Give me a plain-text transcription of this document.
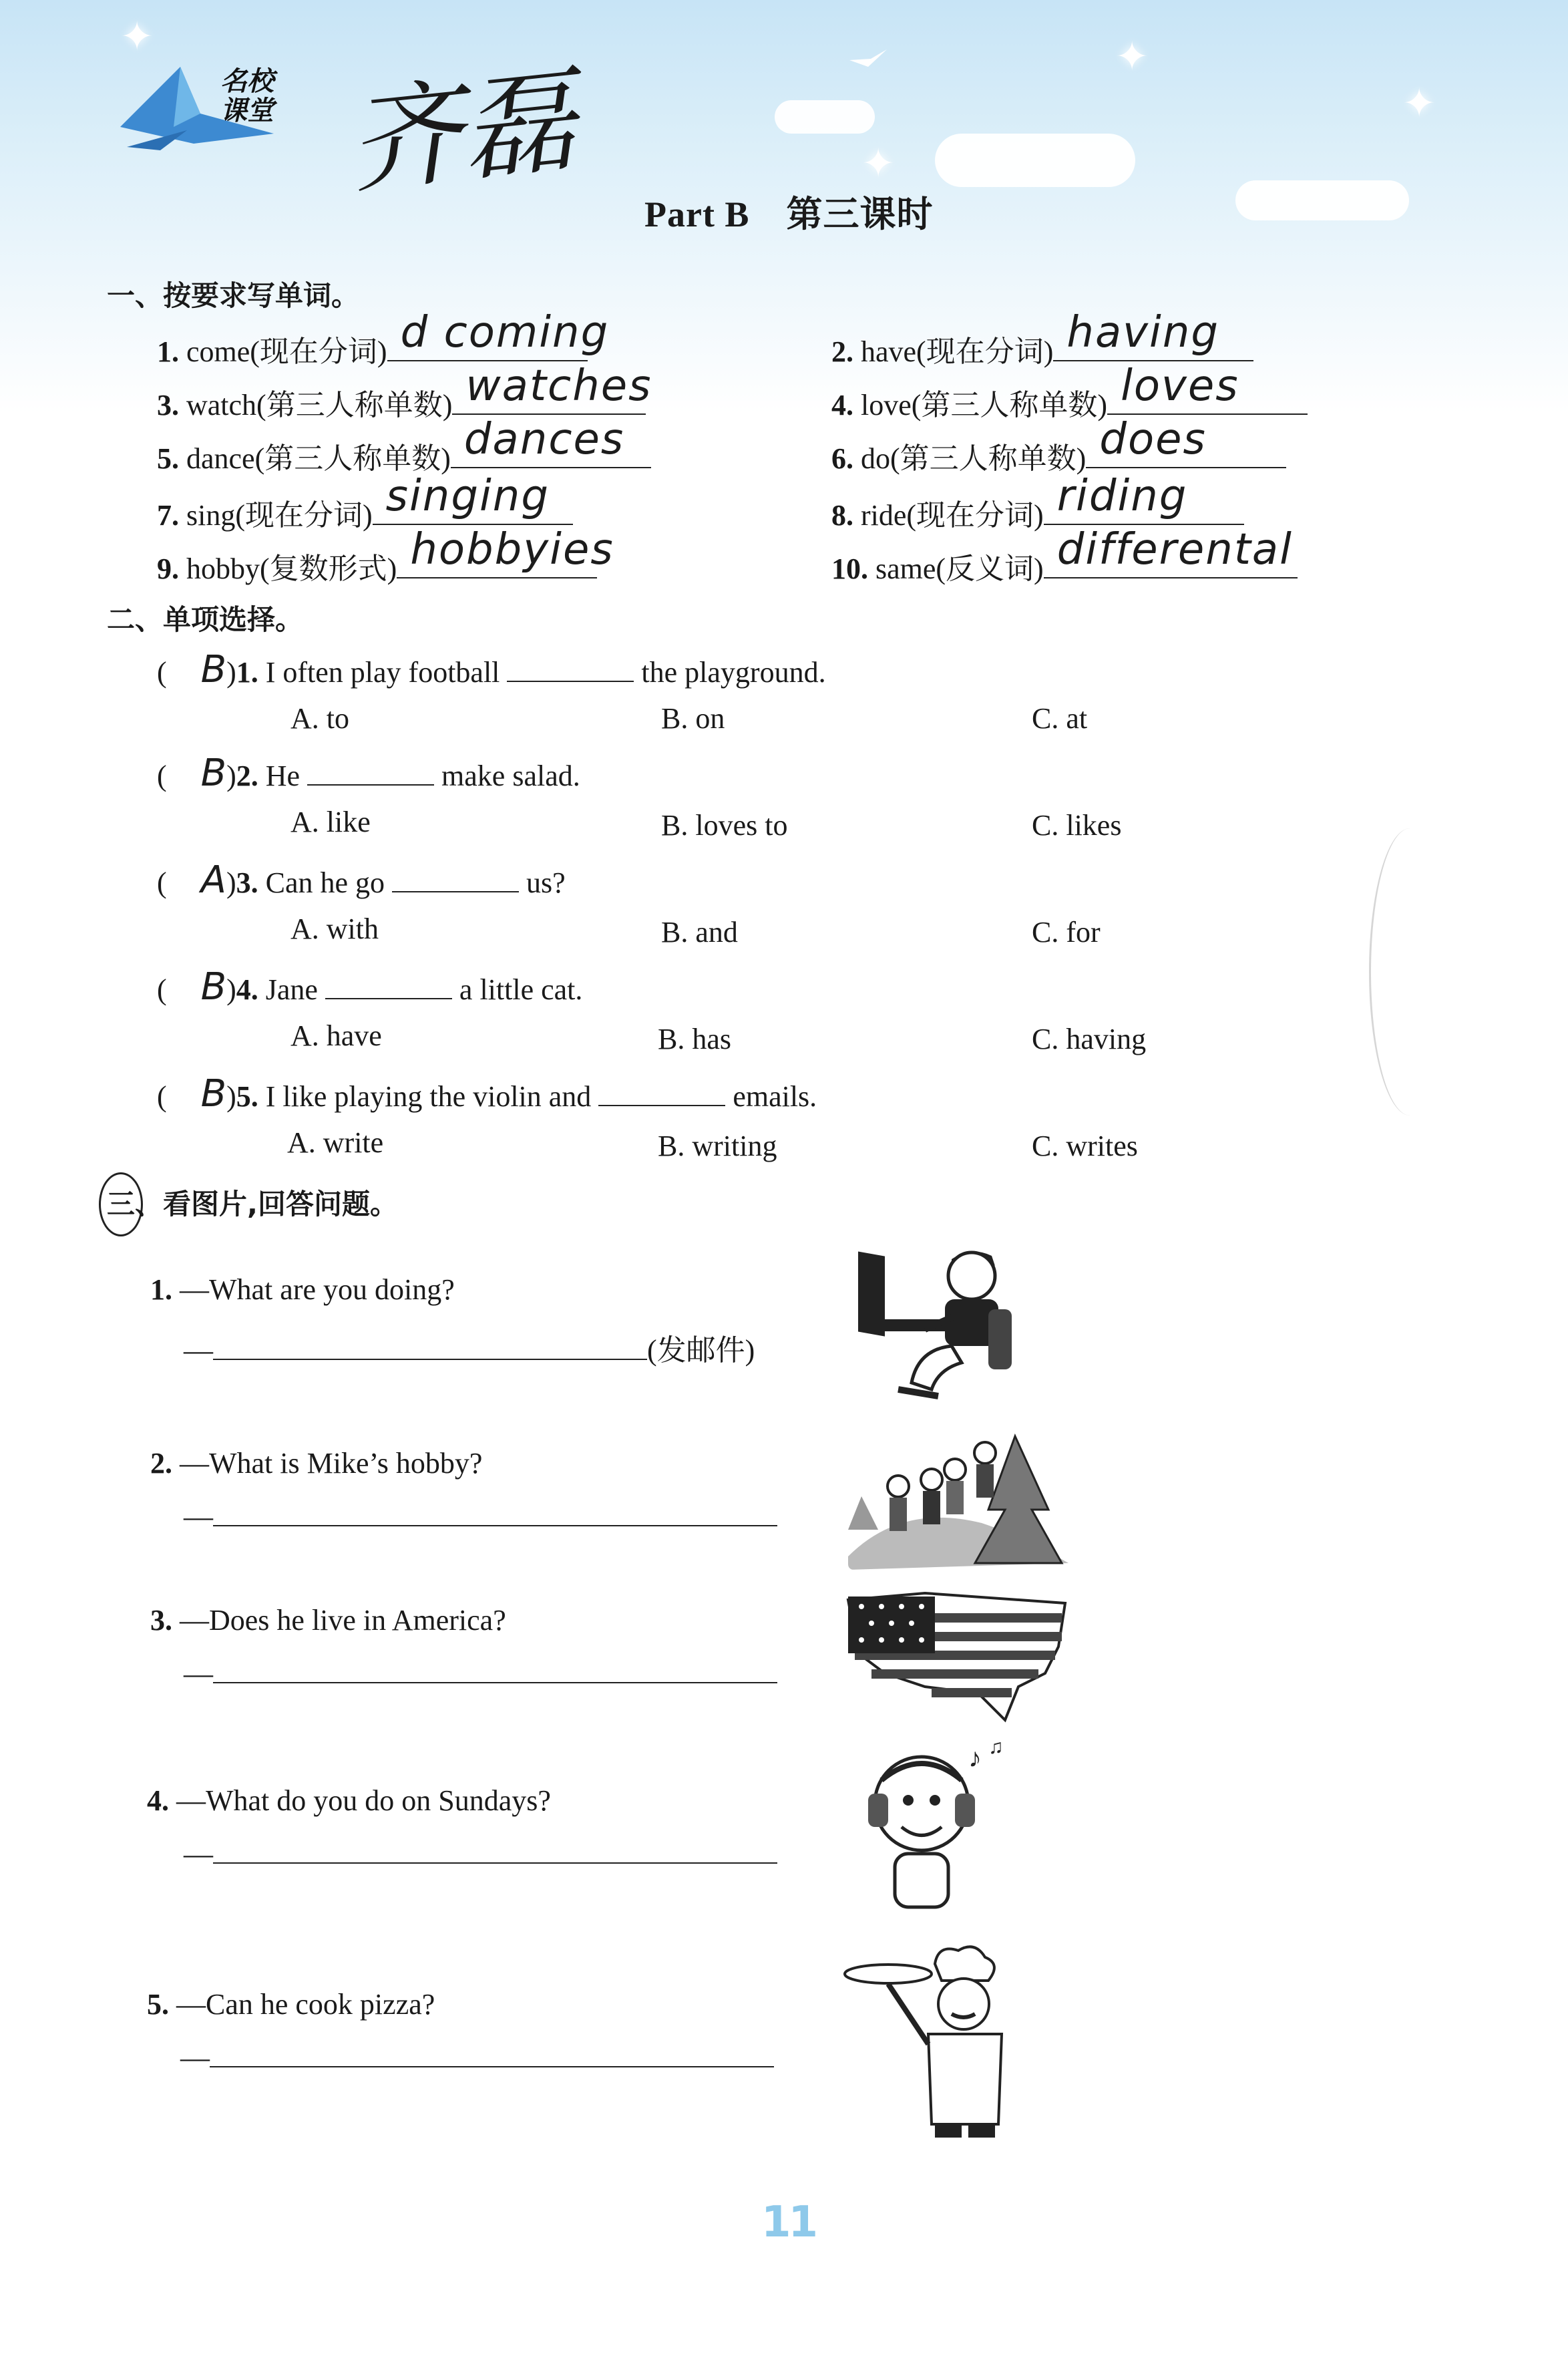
✦	✦
✦
✦
名校
课堂 齐磊
Part B　第三课时
一、按要求写单词。
1. come(现在分词) d coming	2. have(现在分词) having
3. watch(第三人称单数) watches	4. love(第三人称单数) loves
5. dance(第三人称单数) dances	6. do(第三人称单数) does
7. sing(现在分词) singing	8. ride(现在分词) riding
9. hobby(复数形式) hobbyies	10. same(反义词) differental
二、单项选择。
( B)1. I often play football	the playground.
A. to	B. on	C. at
( B)2. He	make salad.
A. like	B. loves to	C. likes
( A)3. Can he go	us?
A. with	B. and	C. for
( B)4. Jane	a little cat.
A. have	B. has	C. having
( B)5. I like playing the violin and	emails.
A. write	B. writing	C. writes
三、看图片,回答问题。
1. —What are you doing?
—	(发邮件)
2. —What is Mike’s hobby?
—
3. —Does he live in America?
—
4. —What do you do on Sundays?
—
♪ ♫
5. —Can he cook pizza?
—
11
